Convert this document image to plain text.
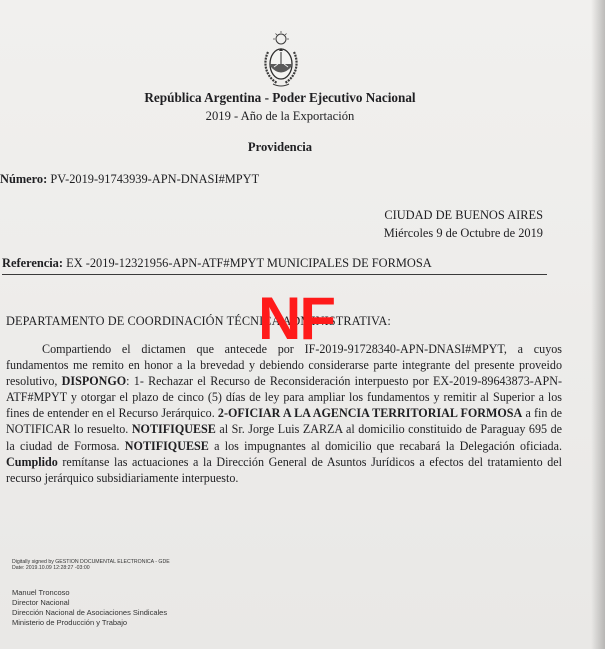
República Argentina - Poder Ejecutivo Nacional
2019 - Año de la Exportación
Providencia
Número: PV-2019-91743939-APN-DNASI#MPYT
CIUDAD DE BUENOS AIRES
Miércoles 9 de Octubre de 2019
Referencia: EX -2019-12321956-APN-ATF#MPYT MUNICIPALES DE FORMOSA
DEPARTAMENTO DE COORDINACIÓN TÉCNICA ADMINISTRATIVA:

Compartiendo el dictamen que antecede por IF-2019-91728340-APN-DNASI#MPYT, a cuyos fundamentos me remito en honor a la brevedad y debiendo considerarse parte integrante del presente proveido resolutivo, DISPONGO: 1- Rechazar el Recurso de Reconsideración interpuesto por EX-2019-89643873-APN-ATF#MPYT y otorgar el plazo de cinco (5) días de ley para ampliar los fundamentos y remitir al Superior a los fines de entender en el Recurso Jerárquico. 2-OFICIAR A LA AGENCIA TERRITORIAL FORMOSA a fin de NOTIFICAR lo resuelto. NOTIFIQUESE al Sr. Jorge Luis ZARZA al domicilio constituido de Paraguay 695 de la ciudad de Formosa. NOTIFIQUESE a los impugnantes al domicilio que recabará la Delegación oficiada. Cumplido remítanse las actuaciones a la Dirección General de Asuntos Jurídicos a efectos del tratamiento del recurso jerárquico subsidiariamente interpuesto.

NF
Digitally signed by GESTION DOCUMENTAL ELECTRONICA - GDE
Date: 2019.10.09 12:28:27 -03:00
Manuel Troncoso
Director Nacional
Dirección Nacional de Asociaciones Sindicales
Ministerio de Producción y Trabajo
